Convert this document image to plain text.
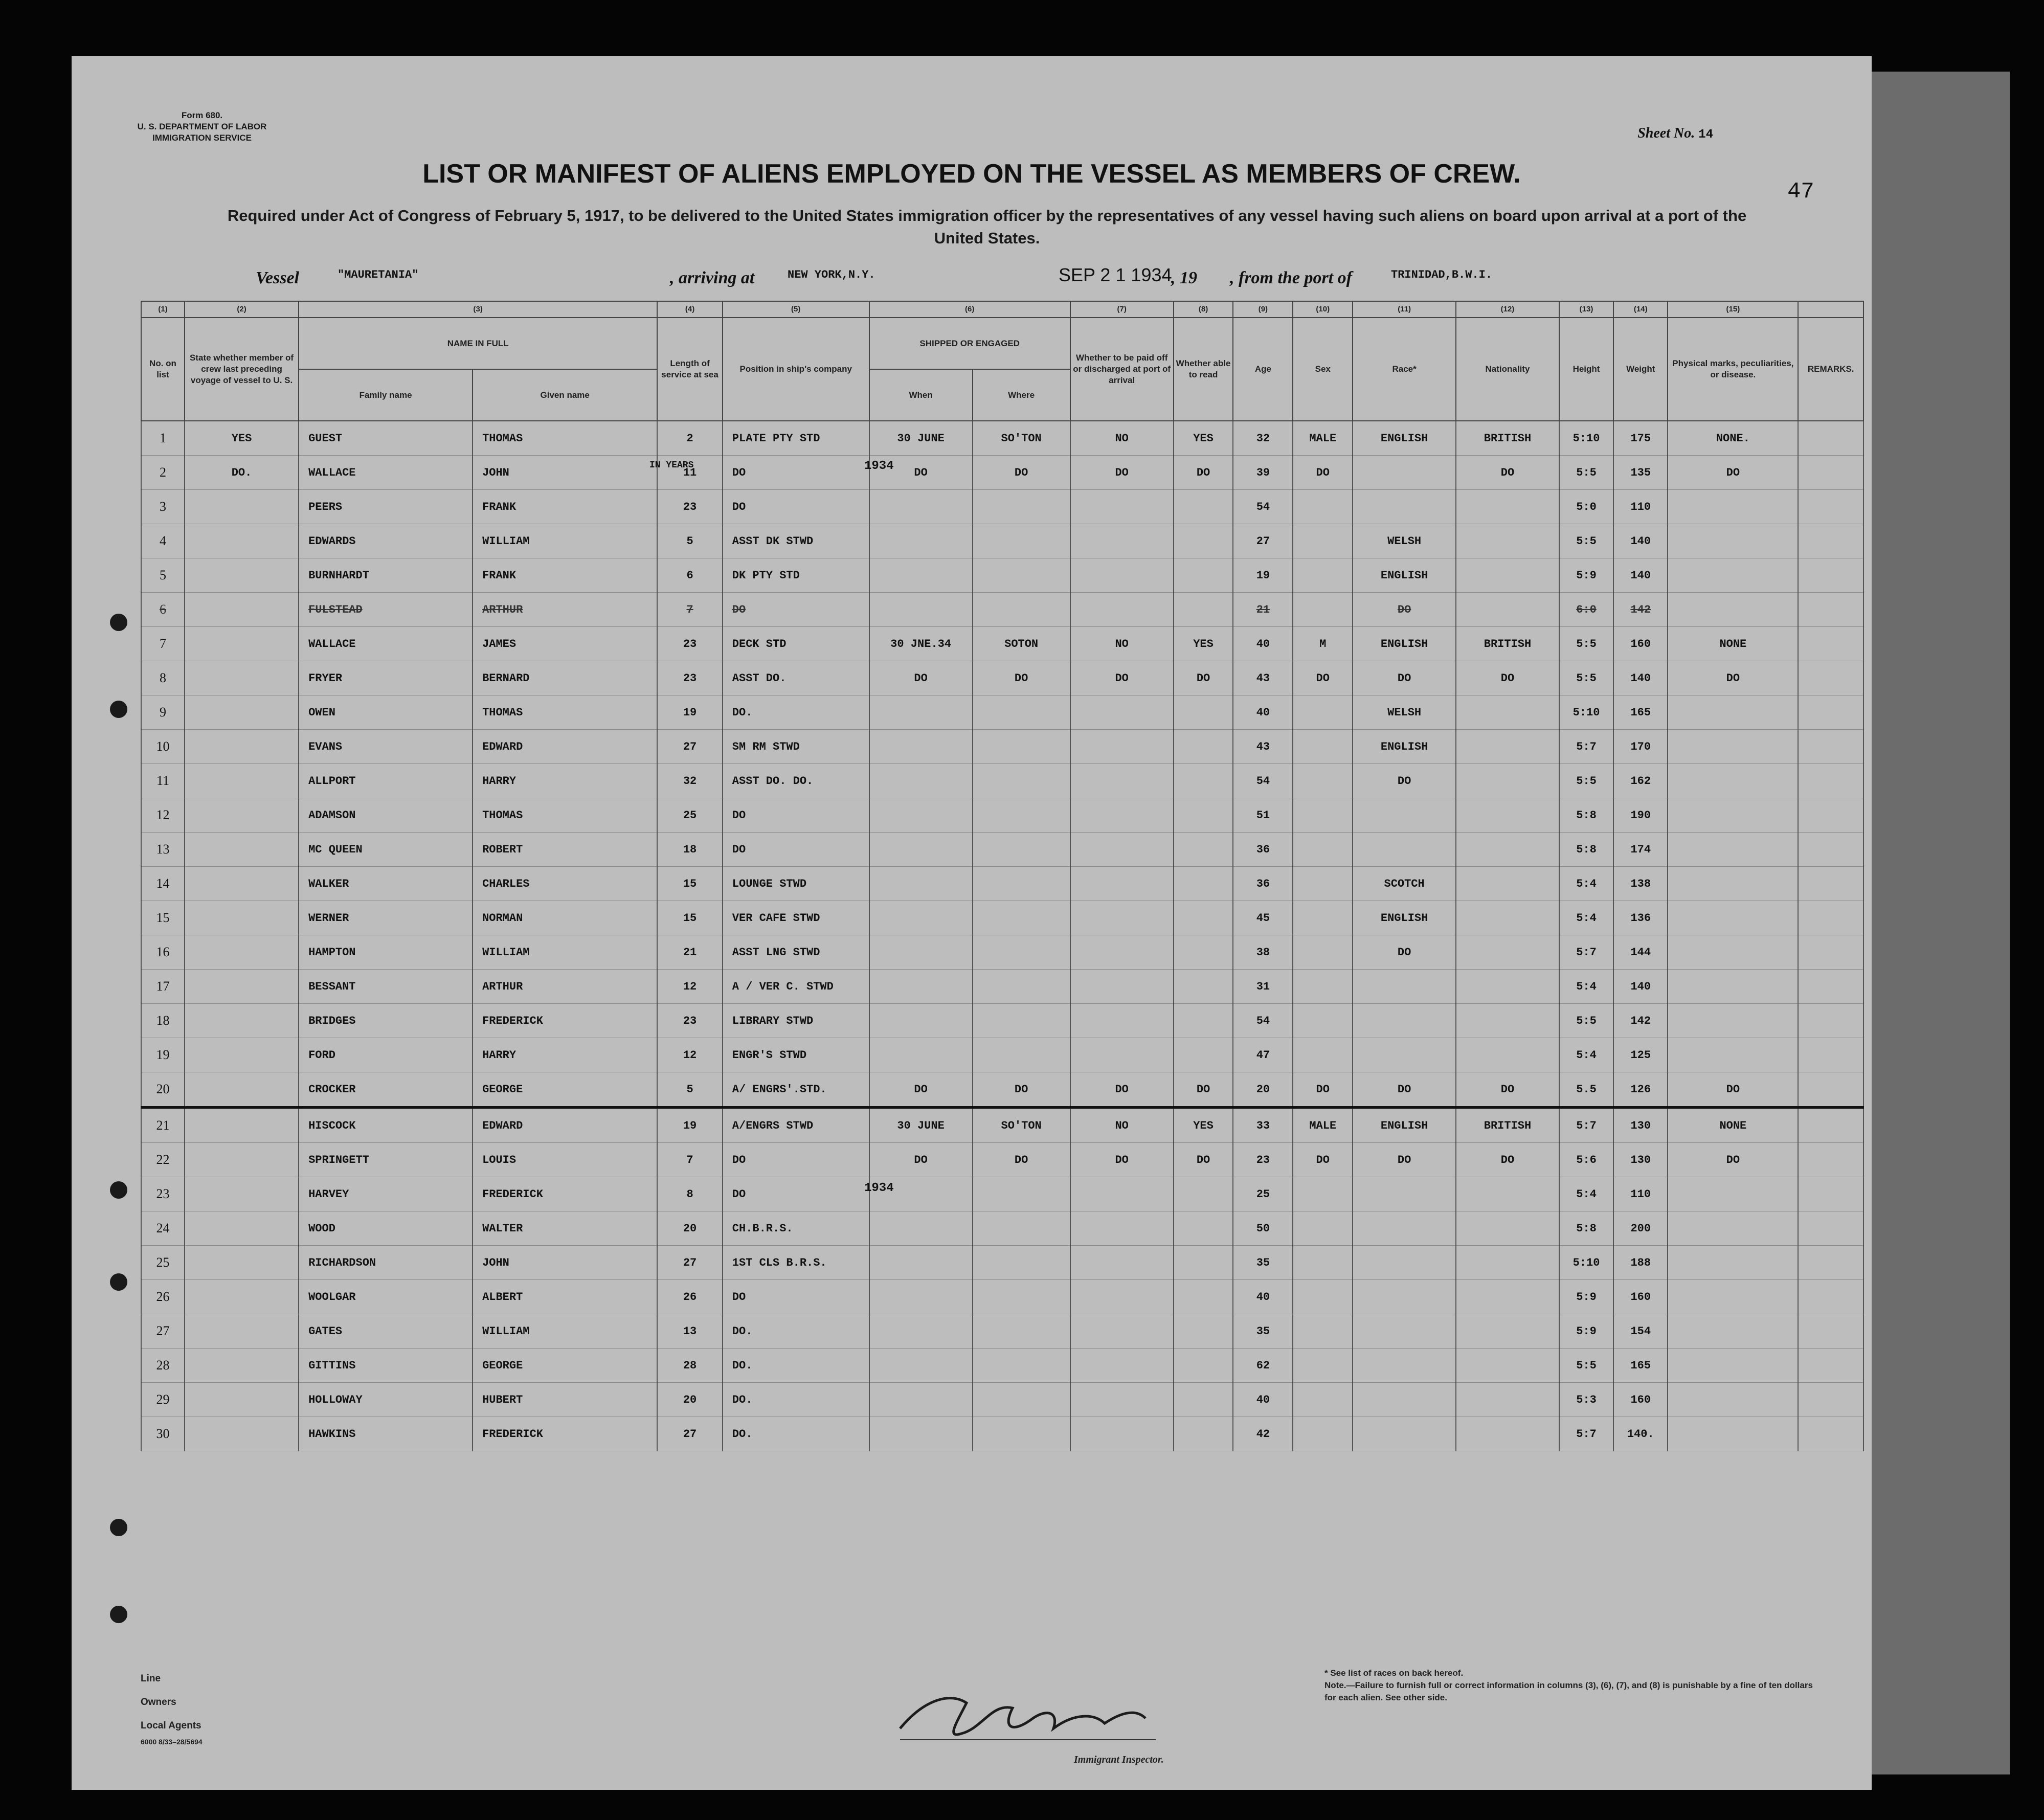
Form 680.
U. S. DEPARTMENT OF LABOR
IMMIGRATION SERVICE	Sheet No. 14
47
LIST OR MANIFEST OF ALIENS EMPLOYED ON THE VESSEL AS MEMBERS OF CREW.
Required under Act of Congress of February 5, 1917, to be delivered to the United States immigration officer by the representatives of any vessel having such aliens on board upon arrival at a port of the United States.
Vessel	"MAURETANIA"	, arriving at	NEW YORK,N.Y.	SEP 2 1 1934
, 19 , from the port of	TRINIDAD,B.W.I.
(1)	(2)	(3)		(4)	(5)	(6)		(7)	(8)	(9)	(10)	(11)	(12)	(13)	(14)	(15)	
No. on list	State whether member of crew last preceding voyage of vessel to U. S.	NAME IN FULL		Length of service at sea	Position in ship's company	SHIPPED OR ENGAGED		Whether to be paid off or discharged at port of arrival	Whether able to read	Age	Sex	Race*	Nationality	Height	Weight	Physical marks, peculiarities, or disease.	REMARKS.
		Family name	Given name			When	Where										
1	YES	GUEST	THOMAS	2	PLATE PTY STD	30 JUNE	SO'TON	NO	YES	32	MALE	ENGLISH	BRITISH	5:10	175	NONE.	
2	DO.	WALLACE	JOHN	11	DO	DO	DO	DO	DO	39	DO		DO	5:5	135	DO	
3		PEERS	FRANK	23	DO					54				5:0	110		
4		EDWARDS	WILLIAM	5	ASST DK STWD					27		WELSH		5:5	140		
5		BURNHARDT	FRANK	6	DK PTY STD					19		ENGLISH		5:9	140		
6		FULSTEAD	ARTHUR	7	DO					21		DO		6:0	142		
7		WALLACE	JAMES	23	DECK STD	30 JNE.34	SOTON	NO	YES	40	M	ENGLISH	BRITISH	5:5	160	NONE	
8		FRYER	BERNARD	23	ASST DO.	DO	DO	DO	DO	43	DO	DO	DO	5:5	140	DO	
9		OWEN	THOMAS	19	DO.					40		WELSH		5:10	165		
10		EVANS	EDWARD	27	SM RM STWD					43		ENGLISH		5:7	170		
11		ALLPORT	HARRY	32	ASST DO. DO.					54		DO		5:5	162		
12		ADAMSON	THOMAS	25	DO					51				5:8	190		
13		MC QUEEN	ROBERT	18	DO					36				5:8	174		
14		WALKER	CHARLES	15	LOUNGE STWD					36		SCOTCH		5:4	138		
15		WERNER	NORMAN	15	VER CAFE STWD					45		ENGLISH		5:4	136		
16		HAMPTON	WILLIAM	21	ASST LNG STWD					38		DO		5:7	144		
17		BESSANT	ARTHUR	12	A / VER C. STWD					31				5:4	140		
18		BRIDGES	FREDERICK	23	LIBRARY STWD					54				5:5	142		
19		FORD	HARRY	12	ENGR'S STWD					47				5:4	125		
20		CROCKER	GEORGE	5	A/ ENGRS'.STD.	DO	DO	DO	DO	20	DO	DO	DO	5.5	126	DO	
21		HISCOCK	EDWARD	19	A/ENGRS STWD	30 JUNE	SO'TON	NO	YES	33	MALE	ENGLISH	BRITISH	5:7	130	NONE	
22		SPRINGETT	LOUIS	7	DO	DO	DO	DO	DO	23	DO	DO	DO	5:6	130	DO	
23		HARVEY	FREDERICK	8	DO					25				5:4	110		
24		WOOD	WALTER	20	CH.B.R.S.					50				5:8	200		
25		RICHARDSON	JOHN	27	1ST CLS B.R.S.					35				5:10	188		
26		WOOLGAR	ALBERT	26	DO					40				5:9	160		
27		GATES	WILLIAM	13	DO.					35				5:9	154		
28		GITTINS	GEORGE	28	DO.					62				5:5	165		
29		HOLLOWAY	HUBERT	20	DO.					40				5:3	160		
30		HAWKINS	FREDERICK	27	DO.					42				5:7	140.		
1934
IN YEARS
1934
Line
Owners
Local Agents
6000 8/33–28/5694
Immigrant Inspector.
* See list of races on back hereof.
Note.—Failure to furnish full or correct information in columns (3), (6), (7), and (8) is punishable by a fine of ten dollars for each alien. See other side.
